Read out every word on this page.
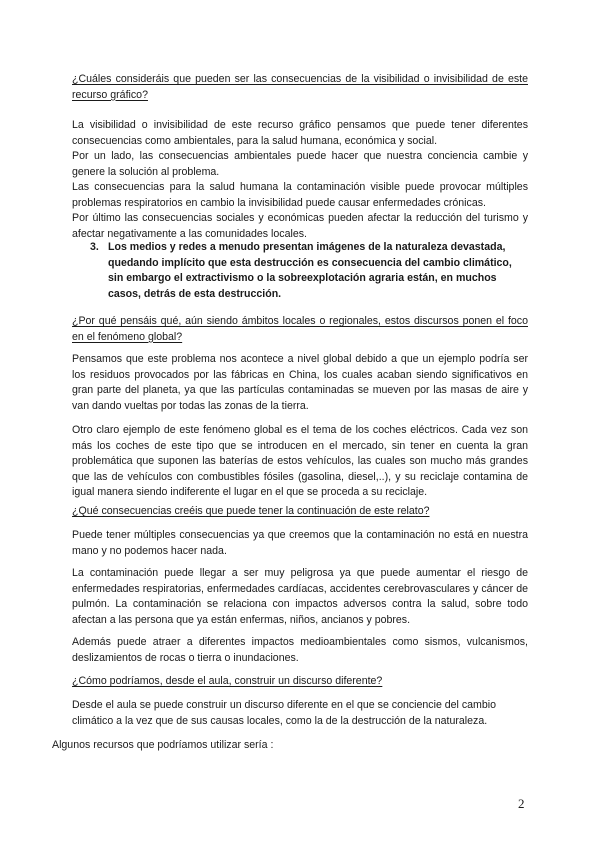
¿Cuáles consideráis que pueden ser las consecuencias de la visibilidad o invisibilidad de este recurso gráfico?
La visibilidad o invisibilidad de este recurso gráfico pensamos que puede tener diferentes consecuencias como ambientales, para la salud humana, económica y social.
Por un lado, las consecuencias ambientales puede hacer que nuestra conciencia cambie y genere la solución al problema.
Las consecuencias para la salud humana la contaminación visible puede provocar múltiples problemas respiratorios en cambio la invisibilidad puede causar enfermedades crónicas.
Por último las consecuencias sociales y económicas pueden afectar la reducción del turismo y afectar negativamente a las comunidades locales.
3. Los medios y redes a menudo presentan imágenes de la naturaleza devastada, quedando implícito que esta destrucción es consecuencia del cambio climático, sin embargo el extractivismo o la sobreexplotación agraria están, en muchos casos, detrás de esta destrucción.
¿Por qué pensáis qué, aún siendo ámbitos locales o regionales, estos discursos ponen el foco en el fenómeno global?
Pensamos que este problema nos acontece a nivel global debido a que un ejemplo podría ser los residuos provocados por las fábricas en China, los cuales acaban siendo significativos en gran parte del planeta, ya que las partículas contaminadas se mueven por las masas de aire y van dando vueltas por todas las zonas de la tierra.
Otro claro ejemplo de este fenómeno global es el tema de los coches eléctricos. Cada vez son más los coches de este tipo que se introducen en el mercado, sin tener en cuenta la gran problemática que suponen las baterías de estos vehículos, las cuales son mucho más grandes que las de vehículos con combustibles fósiles (gasolina, diesel,..), y su reciclaje contamina de igual manera siendo indiferente el lugar en el que se proceda a su reciclaje.
¿Qué consecuencias creéis que puede tener la continuación de este relato?
Puede tener múltiples consecuencias ya que creemos que la contaminación no está en nuestra mano y no podemos hacer nada.
La contaminación puede llegar a ser muy peligrosa ya que puede aumentar el riesgo de enfermedades respiratorias, enfermedades cardíacas, accidentes cerebrovasculares y cáncer de pulmón. La contaminación se relaciona con impactos adversos contra la salud, sobre todo afectan a las persona que ya están enfermas, niños, ancianos y pobres.
Además puede atraer a diferentes impactos medioambientales como sismos, vulcanismos, deslizamientos de rocas o tierra o inundaciones.
¿Cómo podríamos, desde el aula, construir un discurso diferente?
Desde el aula se puede construir un discurso diferente en el que se conciencie del cambio climático a la vez que de sus causas locales, como la de la destrucción de la naturaleza.
Algunos recursos que podríamos utilizar sería :
2
